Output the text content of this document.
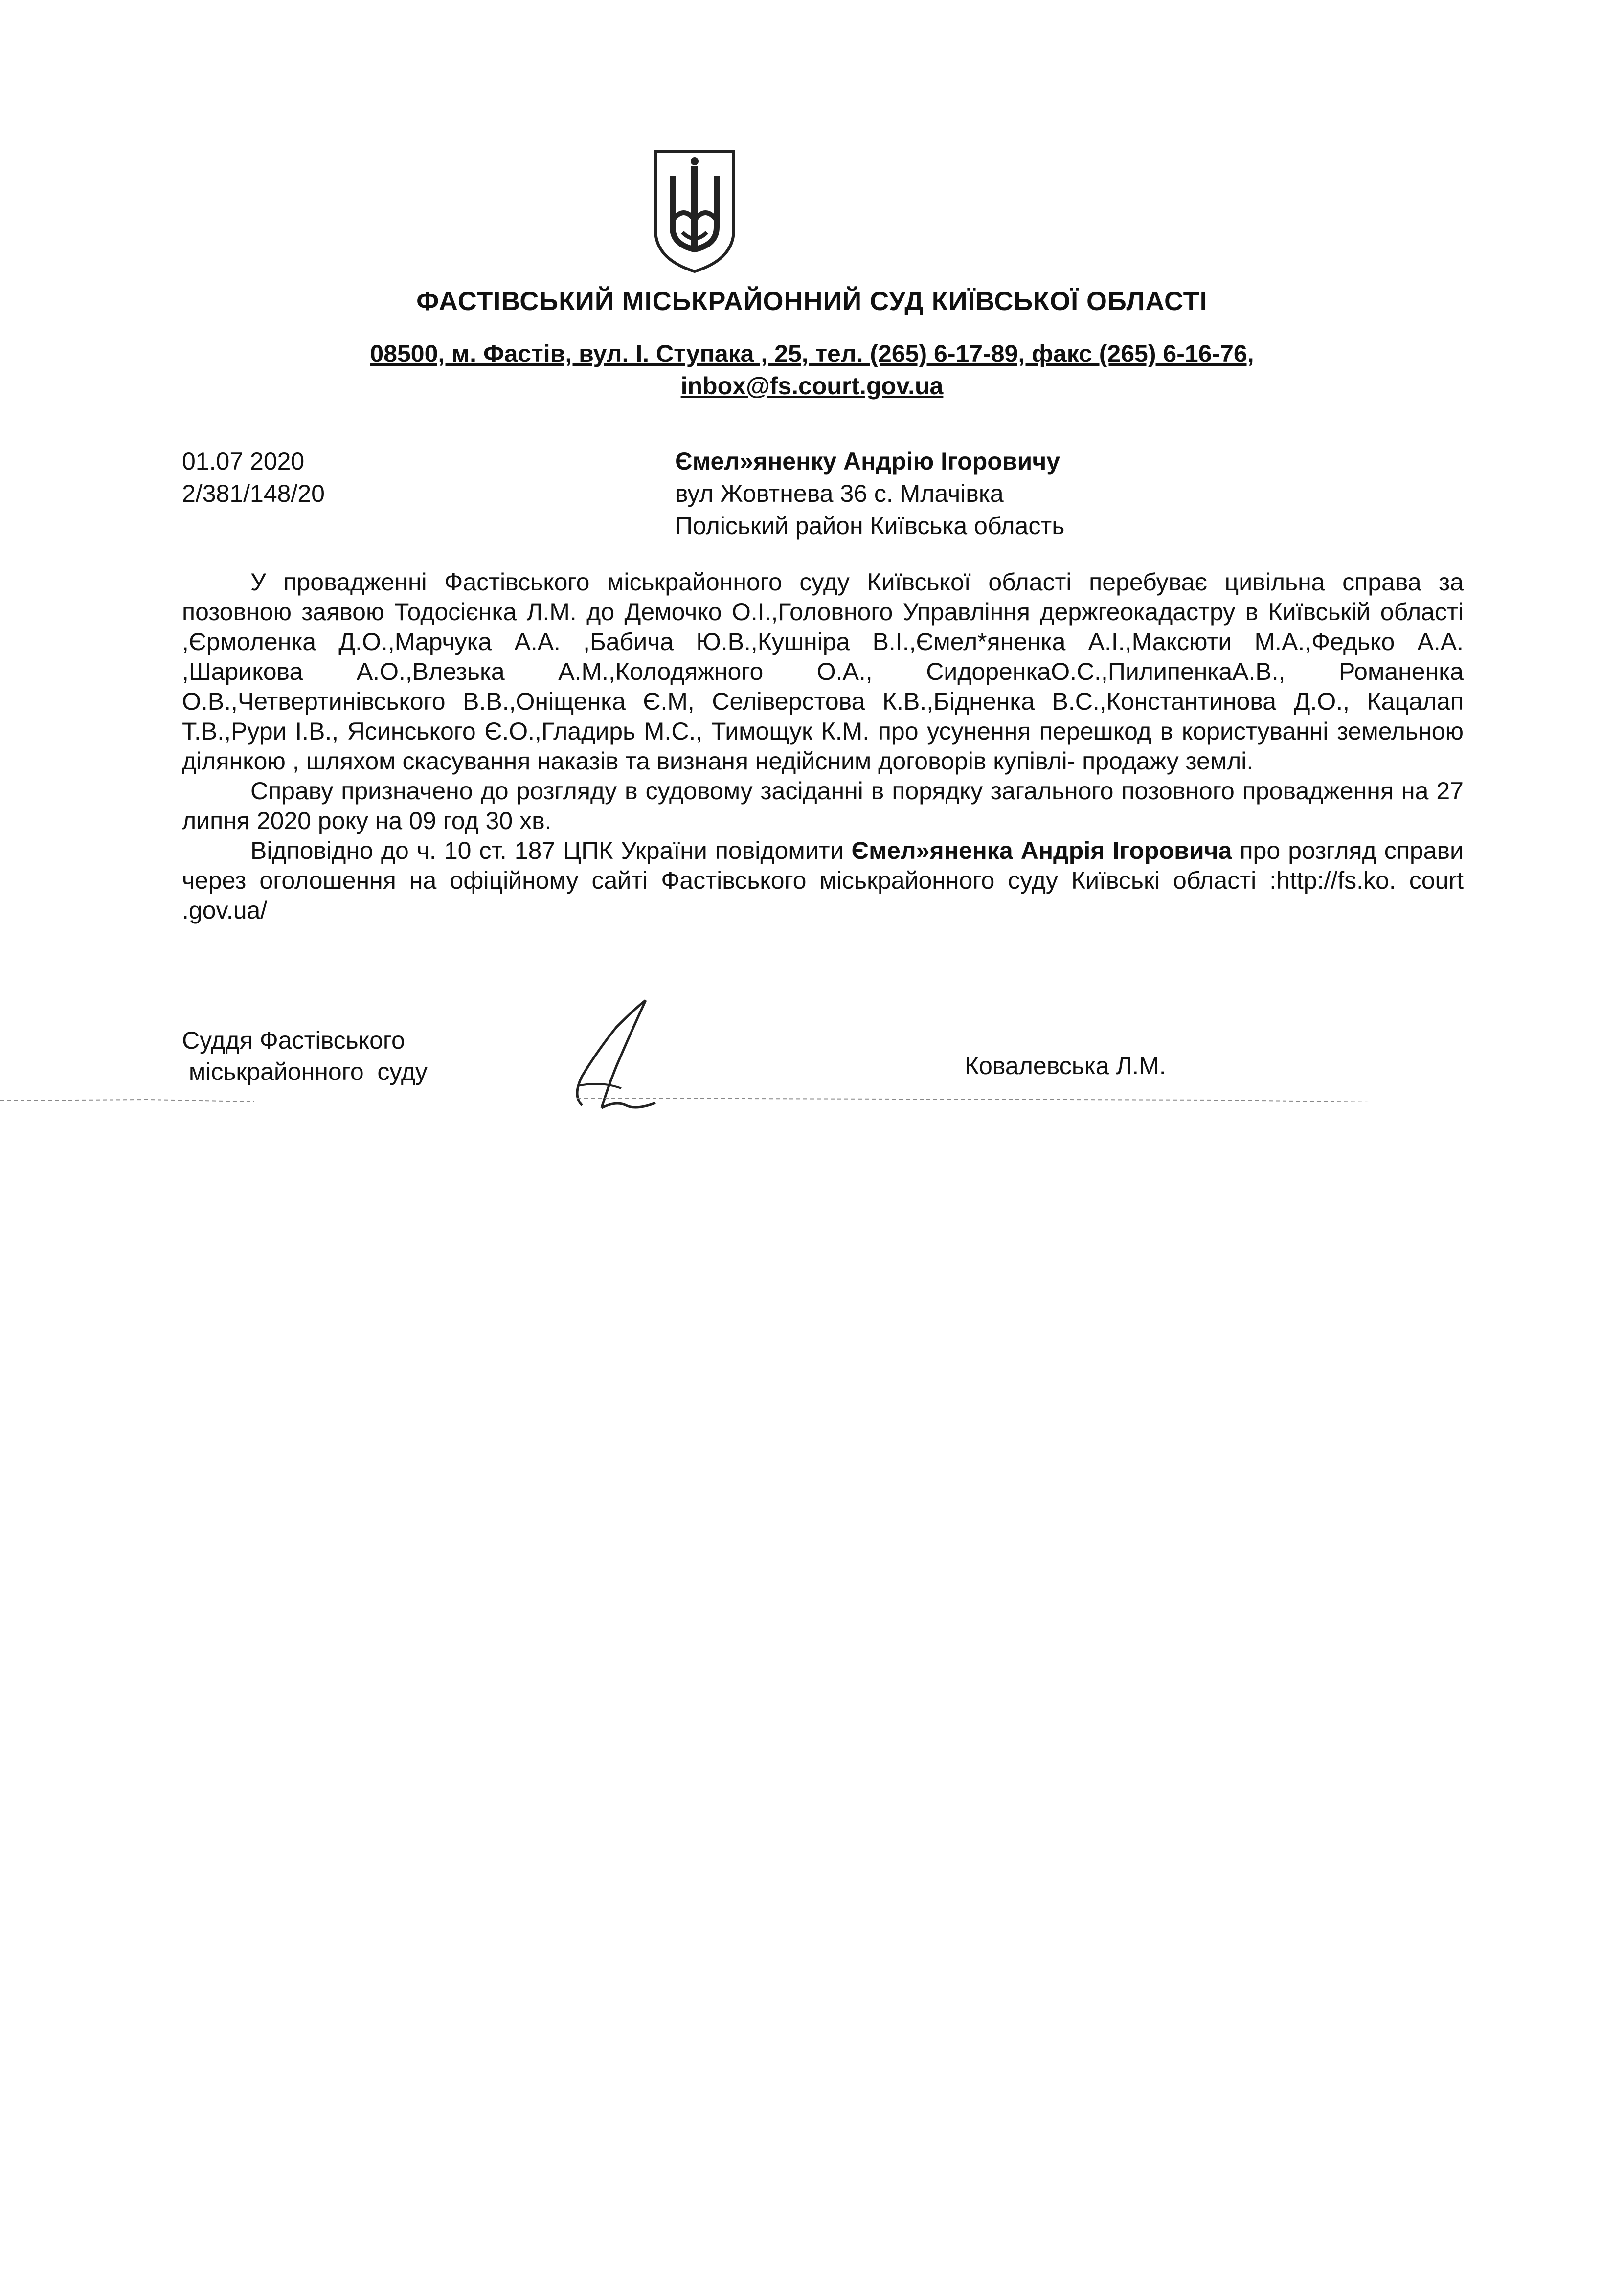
ФАСТІВСЬКИЙ МІСЬКРАЙОННИЙ СУД КИЇВСЬКОЇ ОБЛАСТІ
08500, м. Фастів, вул. І. Ступака , 25, тел. (265) 6-17-89, факс (265) 6-16-76,
inbox@fs.court.gov.ua
01.07 2020
2/381/148/20
Ємел»яненку Андрію Ігоровичу
вул Жовтнева 36 с. Млачівка
Поліський район Київська область

У провадженні Фастівського міськрайонного суду Київської області перебуває цивільна справа за позовною заявою Тодосієнка Л.М. до Демочко О.І.,Головного Управління держгеокадастру в Київській області ,Єрмоленка Д.О.,Марчука А.А. ,Бабича Ю.В.,Кушніра В.І.,Ємел*яненка А.І.,Максюти М.А.,Федько А.А. ,Шарикова А.О.,Влезька А.М.,Колодяжного О.А., СидоренкаО.С.,ПилипенкаА.В., Романенка О.В.,Четвертинівського В.В.,Оніщенка Є.М, Селіверстова К.В.,Бідненка В.С.,Константинова Д.О., Кацалап Т.В.,Рури І.В., Ясинського Є.О.,Гладирь М.С., Тимощук К.М. про усунення перешкод в користуванні земельною ділянкою , шляхом скасування наказів та визнаня недійсним договорів купівлі- продажу землі.

Справу призначено до розгляду в судовому засіданні в порядку загального позовного провадження на 27 липня 2020 року на 09 год 30 хв.

Відповідно до ч. 10 ст. 187 ЦПК України повідомити Ємел»яненка Андрія Ігоровича про розгляд справи через оголошення на офіційному сайті Фастівського міськрайонного суду Київські області :http://fs.ko. court .gov.ua/

Суддя Фастівського
міськрайонного  суду	Ковалевська Л.М.
